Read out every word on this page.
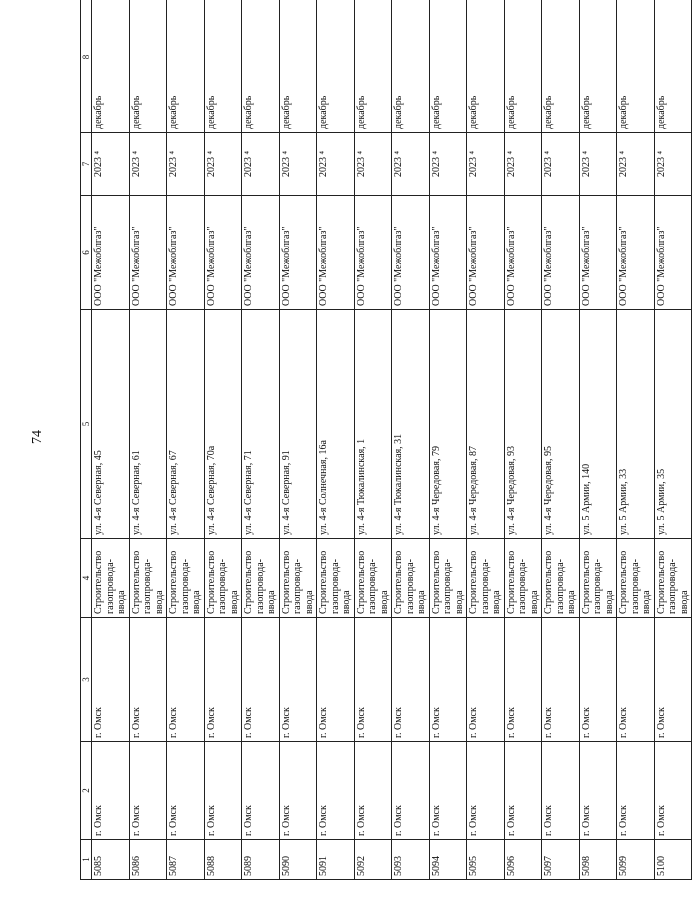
74
1	2	3	4	5	6	7	8
5085	г. Омск	г. Омск	Строительство газопровода-ввода	ул. 4-я Северная, 45	ООО "Межоблгаз"	2023 ⁴	декабрь
5086	г. Омск	г. Омск	Строительство газопровода-ввода	ул. 4-я Северная, 61	ООО "Межоблгаз"	2023 ⁴	декабрь
5087	г. Омск	г. Омск	Строительство газопровода-ввода	ул. 4-я Северная, 67	ООО "Межоблгаз"	2023 ⁴	декабрь
5088	г. Омск	г. Омск	Строительство газопровода-ввода	ул. 4-я Северная, 70а	ООО "Межоблгаз"	2023 ⁴	декабрь
5089	г. Омск	г. Омск	Строительство газопровода-ввода	ул. 4-я Северная, 71	ООО "Межоблгаз"	2023 ⁴	декабрь
5090	г. Омск	г. Омск	Строительство газопровода-ввода	ул. 4-я Северная, 91	ООО "Межоблгаз"	2023 ⁴	декабрь
5091	г. Омск	г. Омск	Строительство газопровода-ввода	ул. 4-я Солнечная, 16а	ООО "Межоблгаз"	2023 ⁴	декабрь
5092	г. Омск	г. Омск	Строительство газопровода-ввода	ул. 4-я Тюкалинская, 1	ООО "Межоблгаз"	2023 ⁴	декабрь
5093	г. Омск	г. Омск	Строительство газопровода-ввода	ул. 4-я Тюкалинская, 31	ООО "Межоблгаз"	2023 ⁴	декабрь
5094	г. Омск	г. Омск	Строительство газопровода-ввода	ул. 4-я Чередовая, 79	ООО "Межоблгаз"	2023 ⁴	декабрь
5095	г. Омск	г. Омск	Строительство газопровода-ввода	ул. 4-я Чередовая, 87	ООО "Межоблгаз"	2023 ⁴	декабрь
5096	г. Омск	г. Омск	Строительство газопровода-ввода	ул. 4-я Чередовая, 93	ООО "Межоблгаз"	2023 ⁴	декабрь
5097	г. Омск	г. Омск	Строительство газопровода-ввода	ул. 4-я Чередовая, 95	ООО "Межоблгаз"	2023 ⁴	декабрь
5098	г. Омск	г. Омск	Строительство газопровода-ввода	ул. 5 Армии, 140	ООО "Межоблгаз"	2023 ⁴	декабрь
5099	г. Омск	г. Омск	Строительство газопровода-ввода	ул. 5 Армии, 33	ООО "Межоблгаз"	2023 ⁴	декабрь
5100	г. Омск	г. Омск	Строительство газопровода-ввода	ул. 5 Армии, 35	ООО "Межоблгаз"	2023 ⁴	декабрь
